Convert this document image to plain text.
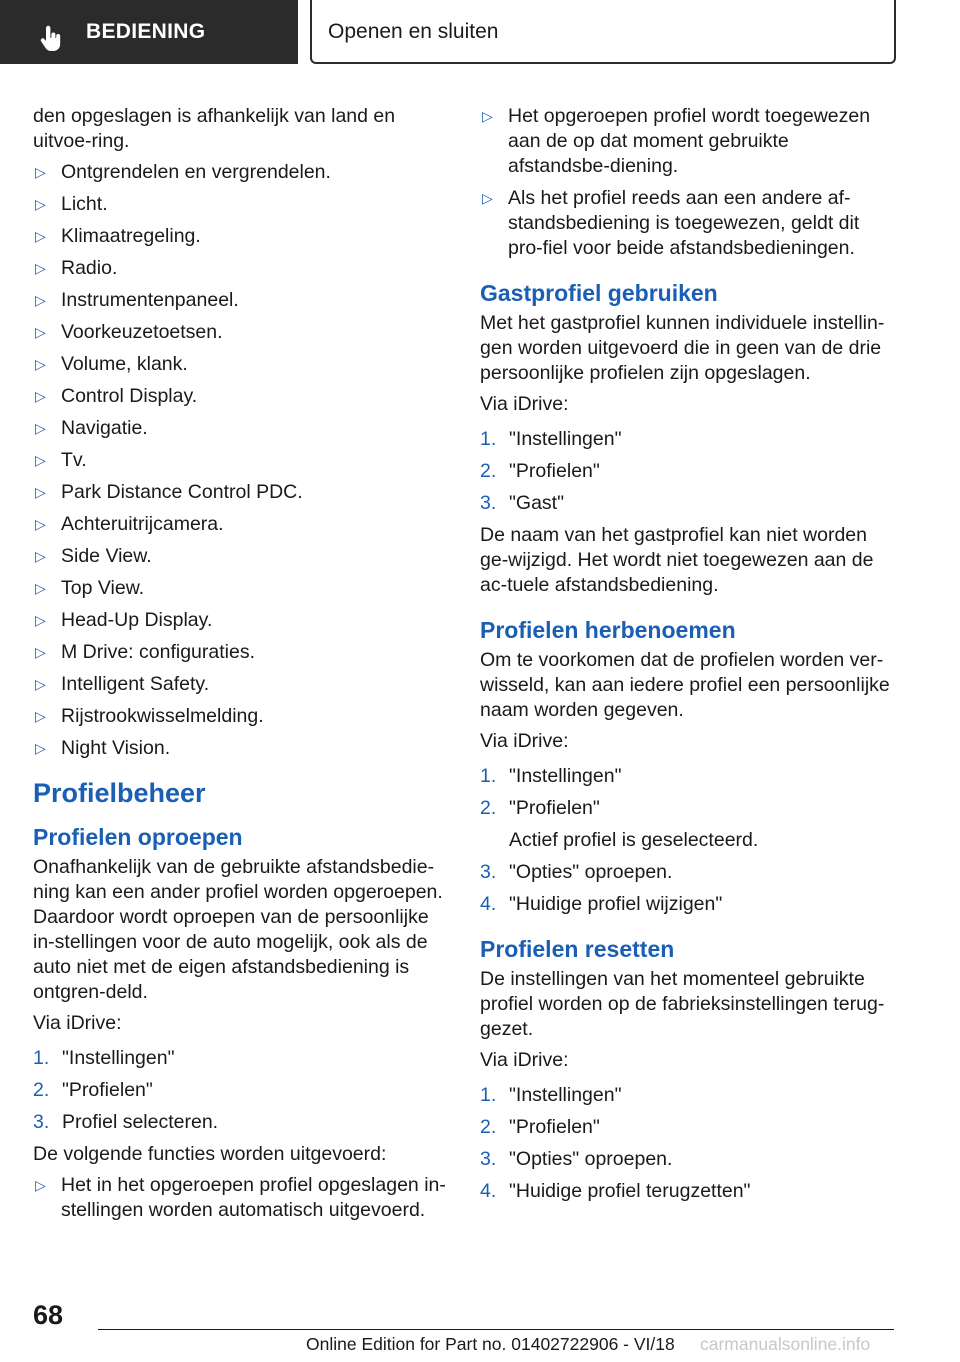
BEDIENING	Openen en sluiten

den opgeslagen is afhankelijk van land en uitvoe-ring.

▷ Ontgrendelen en vergrendelen.
▷ Licht.
▷ Klimaatregeling.
▷ Radio.
▷ Instrumentenpaneel.
▷ Voorkeuzetoetsen.
▷ Volume, klank.
▷ Control Display.
▷ Navigatie.
▷ Tv.
▷ Park Distance Control PDC.
▷ Achteruitrijcamera.
▷ Side View.
▷ Top View.
▷ Head-Up Display.
▷ M Drive: configuraties.
▷ Intelligent Safety.
▷ Rijstrookwisselmelding.
▷ Night Vision.
Profielbeheer
Profielen oproepen

Onafhankelijk van de gebruikte afstandsbedie-ning kan een ander profiel worden opgeroepen. Daardoor wordt oproepen van de persoonlijke in-stellingen voor de auto mogelijk, ook als de auto niet met de eigen afstandsbediening is ontgren-deld.

Via iDrive:

1. "Instellingen"
2. "Profielen"
3. Profiel selecteren.

De volgende functies worden uitgevoerd:

▷ Het in het opgeroepen profiel opgeslagen in-stellingen worden automatisch uitgevoerd.
▷ Het opgeroepen profiel wordt toegewezen aan de op dat moment gebruikte afstandsbe-diening.
▷ Als het profiel reeds aan een andere af-standsbediening is toegewezen, geldt dit pro-fiel voor beide afstandsbedieningen.
Gastprofiel gebruiken

Met het gastprofiel kunnen individuele instellin-gen worden uitgevoerd die in geen van de drie persoonlijke profielen zijn opgeslagen.

Via iDrive:

1. "Instellingen"
2. "Profielen"
3. "Gast"

De naam van het gastprofiel kan niet worden ge-wijzigd. Het wordt niet toegewezen aan de ac-tuele afstandsbediening.

Profielen herbenoemen

Om te voorkomen dat de profielen worden ver-wisseld, kan aan iedere profiel een persoonlijke naam worden gegeven.

Via iDrive:

1. "Instellingen"
2. "Profielen"
Actief profiel is geselecteerd.
3. "Opties" oproepen.
4. "Huidige profiel wijzigen"
Profielen resetten

De instellingen van het momenteel gebruikte profiel worden op de fabrieksinstellingen terug-gezet.

Via iDrive:

1. "Instellingen"
2. "Profielen"
3. "Opties" oproepen.
4. "Huidige profiel terugzetten"
68
Online Edition for Part no. 01402722906 - VI/18 carmanualsonline.info
